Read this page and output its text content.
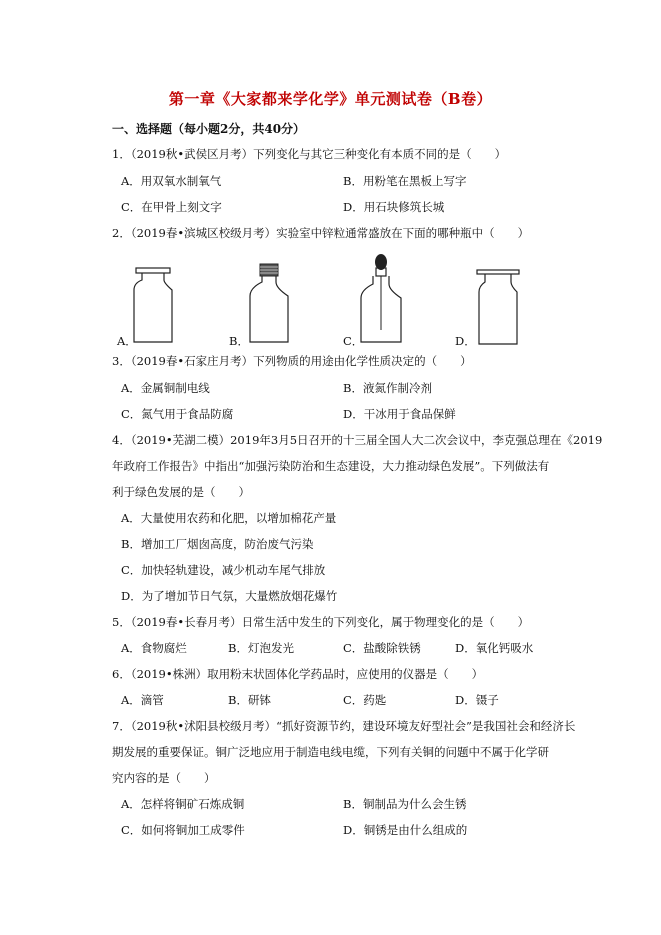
第一章《大家都来学化学》单元测试卷（B卷）
一、选择题（每小题2分，共40分）
1．（2019秋•武侯区月考）下列变化与其它三种变化有本质不同的是（　　）
A．用双氧水制氧气	B．用粉笔在黑板上写字
C．在甲骨上刻文字	D．用石块修筑长城
2．（2019春•滨城区校级月考）实验室中锌粒通常盛放在下面的哪种瓶中（　　）
A．	B．	C．	D．
3．（2019春•石家庄月考）下列物质的用途由化学性质决定的（　　）
A．金属铜制电线	B．液氮作制冷剂
C．氮气用于食品防腐	D．干冰用于食品保鲜
4．（2019•芜湖二模）2019年3月5日召开的十三届全国人大二次会议中，李克强总理在《2019
年政府工作报告》中指出“加强污染防治和生态建设，大力推动绿色发展”。下列做法有
利于绿色发展的是（　　）
A．大量使用农药和化肥，以增加棉花产量
B．增加工厂烟囱高度，防治废气污染
C．加快轻轨建设，减少机动车尾气排放
D．为了增加节日气氛，大量燃放烟花爆竹
5．（2019春•长春月考）日常生活中发生的下列变化，属于物理变化的是（　　）
A．食物腐烂	B．灯泡发光	C．盐酸除铁锈	D．氧化钙吸水
6．（2019•株洲）取用粉末状固体化学药品时，应使用的仪器是（　　）
A．滴管	B．研钵	C．药匙	D．镊子
7．（2019秋•沭阳县校级月考）“抓好资源节约，建设环境友好型社会”是我国社会和经济长
期发展的重要保证。铜广泛地应用于制造电线电缆，下列有关铜的问题中不属于化学研
究内容的是（　　）
A．怎样将铜矿石炼成铜	B．铜制品为什么会生锈
C．如何将铜加工成零件	D．铜锈是由什么组成的
